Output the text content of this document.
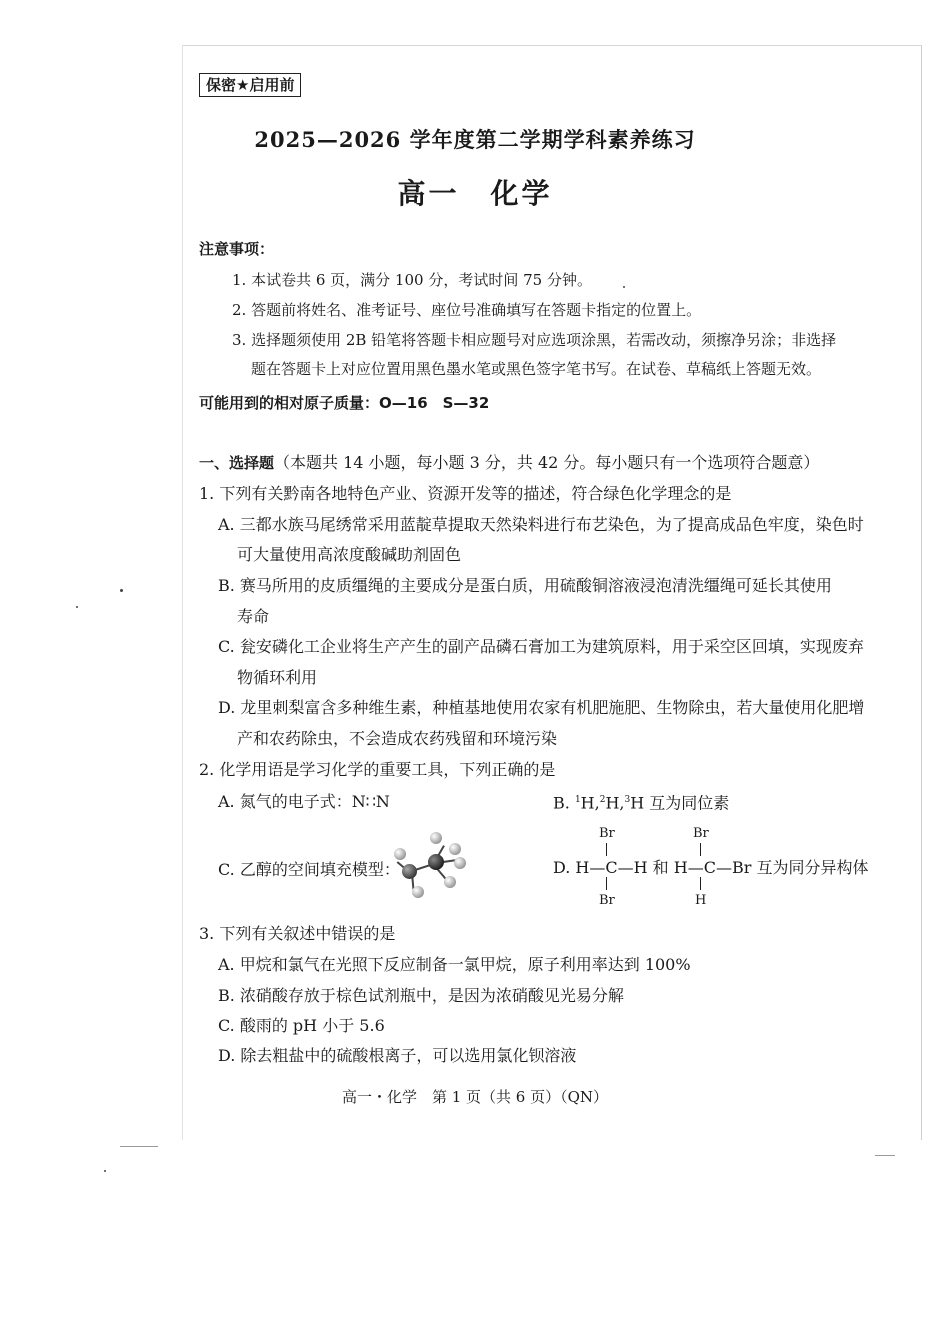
保密★启用前
2025—2026 学年度第二学期学科素养练习
高一　化学
注意事项：
1. 本试卷共 6 页，满分 100 分，考试时间 75 分钟。
2. 答题前将姓名、准考证号、座位号准确填写在答题卡指定的位置上。
3. 选择题须使用 2B 铅笔将答题卡相应题号对应选项涂黑，若需改动，须擦净另涂；非选择
题在答题卡上对应位置用黑色墨水笔或黑色签字笔书写。在试卷、草稿纸上答题无效。
可能用到的相对原子质量：O—16　S—32
一、选择题（本题共 14 小题，每小题 3 分，共 42 分。每小题只有一个选项符合题意）
1. 下列有关黔南各地特色产业、资源开发等的描述，符合绿色化学理念的是
A. 三都水族马尾绣常采用蓝靛草提取天然染料进行布艺染色，为了提高成品色牢度，染色时
可大量使用高浓度酸碱助剂固色
B. 赛马所用的皮质缰绳的主要成分是蛋白质，用硫酸铜溶液浸泡清洗缰绳可延长其使用
寿命
C. 瓮安磷化工企业将生产产生的副产品磷石膏加工为建筑原料，用于采空区回填，实现废弃
物循环利用
D. 龙里刺梨富含多种维生素，种植基地使用农家有机肥施肥、生物除虫，若大量使用化肥增
产和农药除虫，不会造成农药残留和环境污染
2. 化学用语是学习化学的重要工具，下列正确的是
A. 氮气的电子式：N∷N	B. $^1$H,$^2$H,$^3$H 互为同位素
C. 乙醇的空间填充模型：
Br	Br
D. H—C—H 和 H—C—Br 互为同分异构体
Br	H
3. 下列有关叙述中错误的是
A. 甲烷和氯气在光照下反应制备一氯甲烷，原子利用率达到 100%
B. 浓硝酸存放于棕色试剂瓶中，是因为浓硝酸见光易分解
C. 酸雨的 pH 小于 5.6
D. 除去粗盐中的硫酸根离子，可以选用氯化钡溶液
高一・化学　第 1 页（共 6 页）（QN）
